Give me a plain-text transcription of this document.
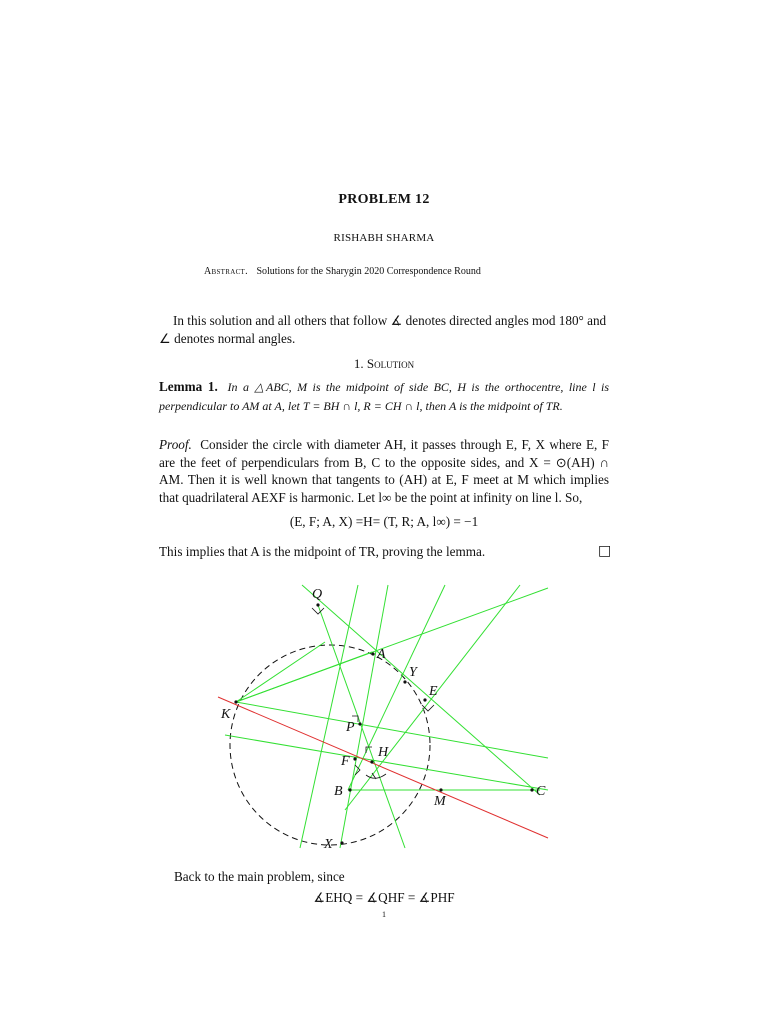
PROBLEM 12
RISHABH SHARMA
Abstract. Solutions for the Sharygin 2020 Correspondence Round
In this solution and all others that follow ∡ denotes directed angles mod 180° and ∠ denotes normal angles.
1. Solution
Lemma 1. In a △ABC, M is the midpoint of side BC, H is the orthocentre, line l is perpendicular to AM at A, let T = BH ∩ l, R = CH ∩ l, then A is the midpoint of TR.
Proof. Consider the circle with diameter AH, it passes through E, F, X where E, F are the feet of perpendiculars from B, C to the opposite sides, and X = ⊙(AH) ∩ AM. Then it is well known that tangents to (AH) at E, F meet at M which implies that quadrilateral AEXF is harmonic. Let l∞ be the point at infinity on line l. So,
(E, F; A, X) =H= (T, R; A, l∞) = −1
This implies that A is the midpoint of TR, proving the lemma.	□
Q
A
Y
E
K
P
H
F
B	C
M
X
Back to the main problem, since
∡EHQ = ∡QHF = ∡PHF
1
